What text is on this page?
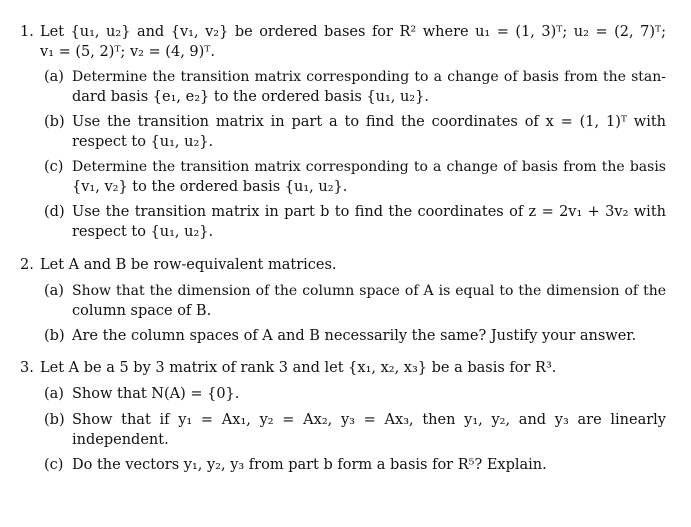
1. Let {u₁, u₂} and {v₁, v₂} be ordered bases for R² where u₁ = (1, 3)ᵀ; u₂ = (2, 7)ᵀ;
v₁ = (5, 2)ᵀ; v₂ = (4, 9)ᵀ.
(a) Determine the transition matrix corresponding to a change of basis from the stan-
dard basis {e₁, e₂} to the ordered basis {u₁, u₂}.
(b) Use the transition matrix in part a to find the coordinates of x = (1, 1)ᵀ with
respect to {u₁, u₂}.
(c) Determine the transition matrix corresponding to a change of basis from the basis
{v₁, v₂} to the ordered basis {u₁, u₂}.
(d) Use the transition matrix in part b to find the coordinates of z = 2v₁ + 3v₂ with
respect to {u₁, u₂}.
2. Let A and B be row-equivalent matrices.
(a) Show that the dimension of the column space of A is equal to the dimension of the
column space of B.
(b) Are the column spaces of A and B necessarily the same? Justify your answer.
3. Let A be a 5 by 3 matrix of rank 3 and let {x₁, x₂, x₃} be a basis for R³.
(a) Show that N(A) = {0}.
(b) Show that if y₁ = Ax₁, y₂ = Ax₂, y₃ = Ax₃, then y₁, y₂, and y₃ are linearly
independent.
(c) Do the vectors y₁, y₂, y₃ from part b form a basis for R⁵? Explain.
